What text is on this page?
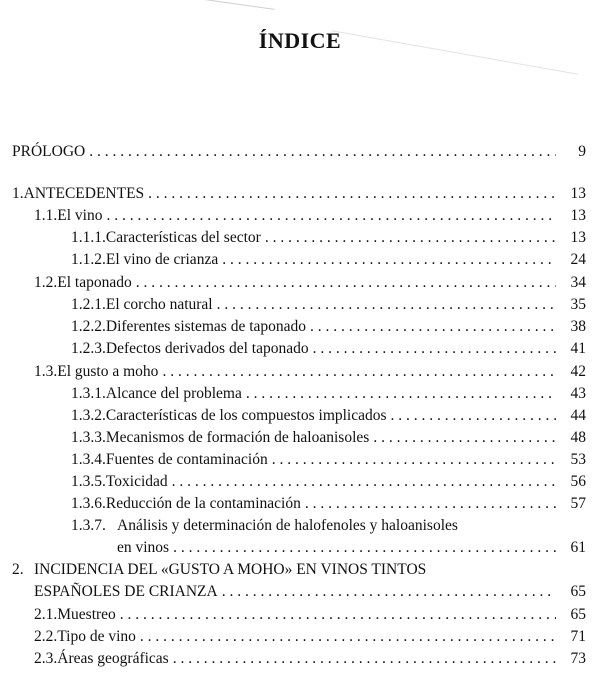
ÍNDICE
PRÓLOGO . . .	9
1. ANTECEDENTES . . .	13
1.1. El vino . . .	13
1.1.1. Características del sector . . .	13
1.1.2. El vino de crianza . . .	24
1.2. El taponado . . .	34
1.2.1. El corcho natural . . .	35
1.2.2. Diferentes sistemas de taponado . . .	38
1.2.3. Defectos derivados del taponado . . .	41
1.3. El gusto a moho . . .	42
1.3.1. Alcance del problema . . .	43
1.3.2. Características de los compuestos implicados . . .	44
1.3.3. Mecanismos de formación de haloanisoles . . .	48
1.3.4. Fuentes de contaminación . . .	53
1.3.5. Toxicidad . . .	56
1.3.6. Reducción de la contaminación . . .	57
1.3.7. Análisis y determinación de halofenoles y haloanisoles
en vinos . . .	61
2. INCIDENCIA DEL «GUSTO A MOHO» EN VINOS TINTOS
ESPAÑOLES DE CRIANZA . . .	65
2.1. Muestreo . . .	65
2.2. Tipo de vino . . .	71
2.3. Áreas geográficas . . .	73
